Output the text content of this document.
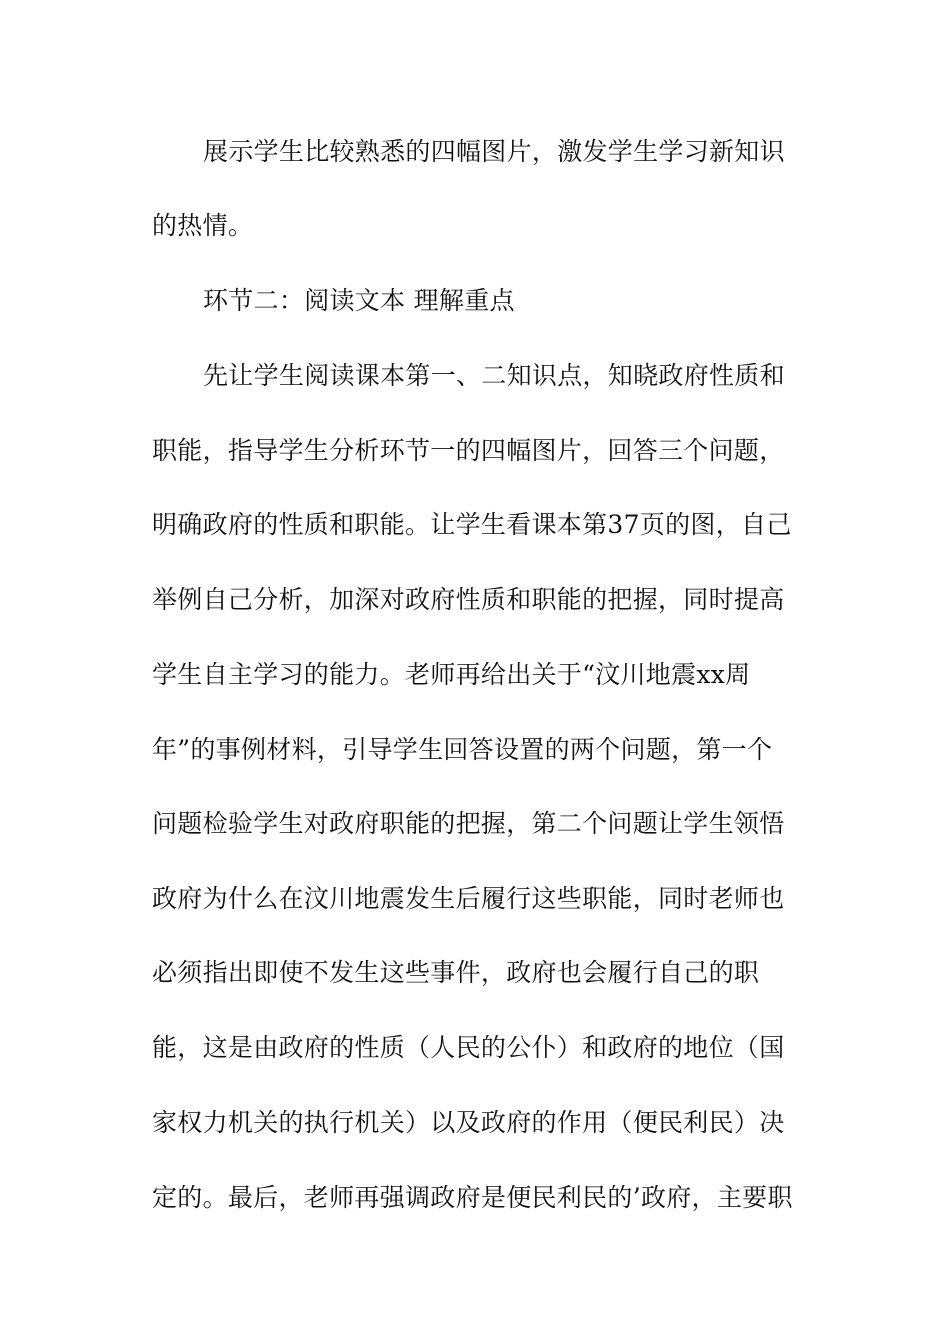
展示学生比较熟悉的四幅图片，激发学生学习新知识
的热情。
环节二：阅读文本 理解重点
先让学生阅读课本第一、二知识点，知晓政府性质和
职能，指导学生分析环节一的四幅图片，回答三个问题，
明确政府的性质和职能。让学生看课本第37页的图，自己
举例自己分析，加深对政府性质和职能的把握，同时提高
学生自主学习的能力。老师再给出关于“汶川地震xx周
年”的事例材料，引导学生回答设置的两个问题，第一个
问题检验学生对政府职能的把握，第二个问题让学生领悟
政府为什么在汶川地震发生后履行这些职能，同时老师也
必须指出即使不发生这些事件，政府也会履行自己的职
能，这是由政府的性质（人民的公仆）和政府的地位（国
家权力机关的执行机关）以及政府的作用（便民利民）决
定的。最后，老师再强调政府是便民利民的’政府，主要职
